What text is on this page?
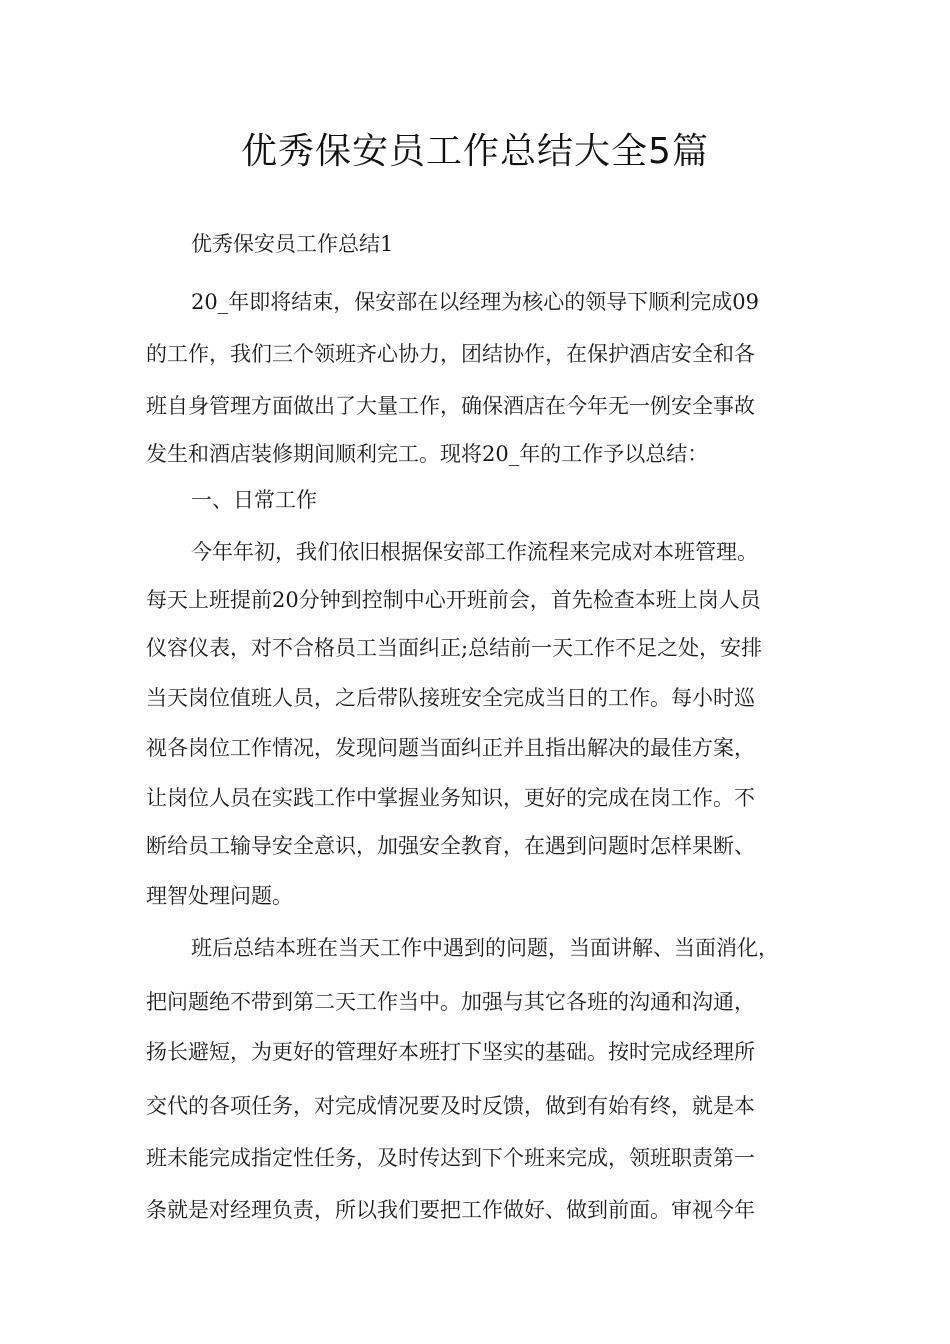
优秀保安员工作总结大全5篇
优秀保安员工作总结1
20_年即将结束，保安部在以经理为核心的领导下顺利完成09
的工作，我们三个领班齐心协力，团结协作，在保护酒店安全和各
班自身管理方面做出了大量工作，确保酒店在今年无一例安全事故
发生和酒店装修期间顺利完工。现将20_年的工作予以总结：
一、日常工作
今年年初，我们依旧根据保安部工作流程来完成对本班管理。
每天上班提前20分钟到控制中心开班前会，首先检查本班上岗人员
仪容仪表，对不合格员工当面纠正;总结前一天工作不足之处，安排
当天岗位值班人员，之后带队接班安全完成当日的工作。每小时巡
视各岗位工作情况，发现问题当面纠正并且指出解决的最佳方案，
让岗位人员在实践工作中掌握业务知识，更好的完成在岗工作。不
断给员工输导安全意识，加强安全教育，在遇到问题时怎样果断、
理智处理问题。
班后总结本班在当天工作中遇到的问题，当面讲解、当面消化，
把问题绝不带到第二天工作当中。加强与其它各班的沟通和沟通，
扬长避短，为更好的管理好本班打下坚实的基础。按时完成经理所
交代的各项任务，对完成情况要及时反馈，做到有始有终，就是本
班未能完成指定性任务，及时传达到下个班来完成，领班职责第一
条就是对经理负责，所以我们要把工作做好、做到前面。审视今年
